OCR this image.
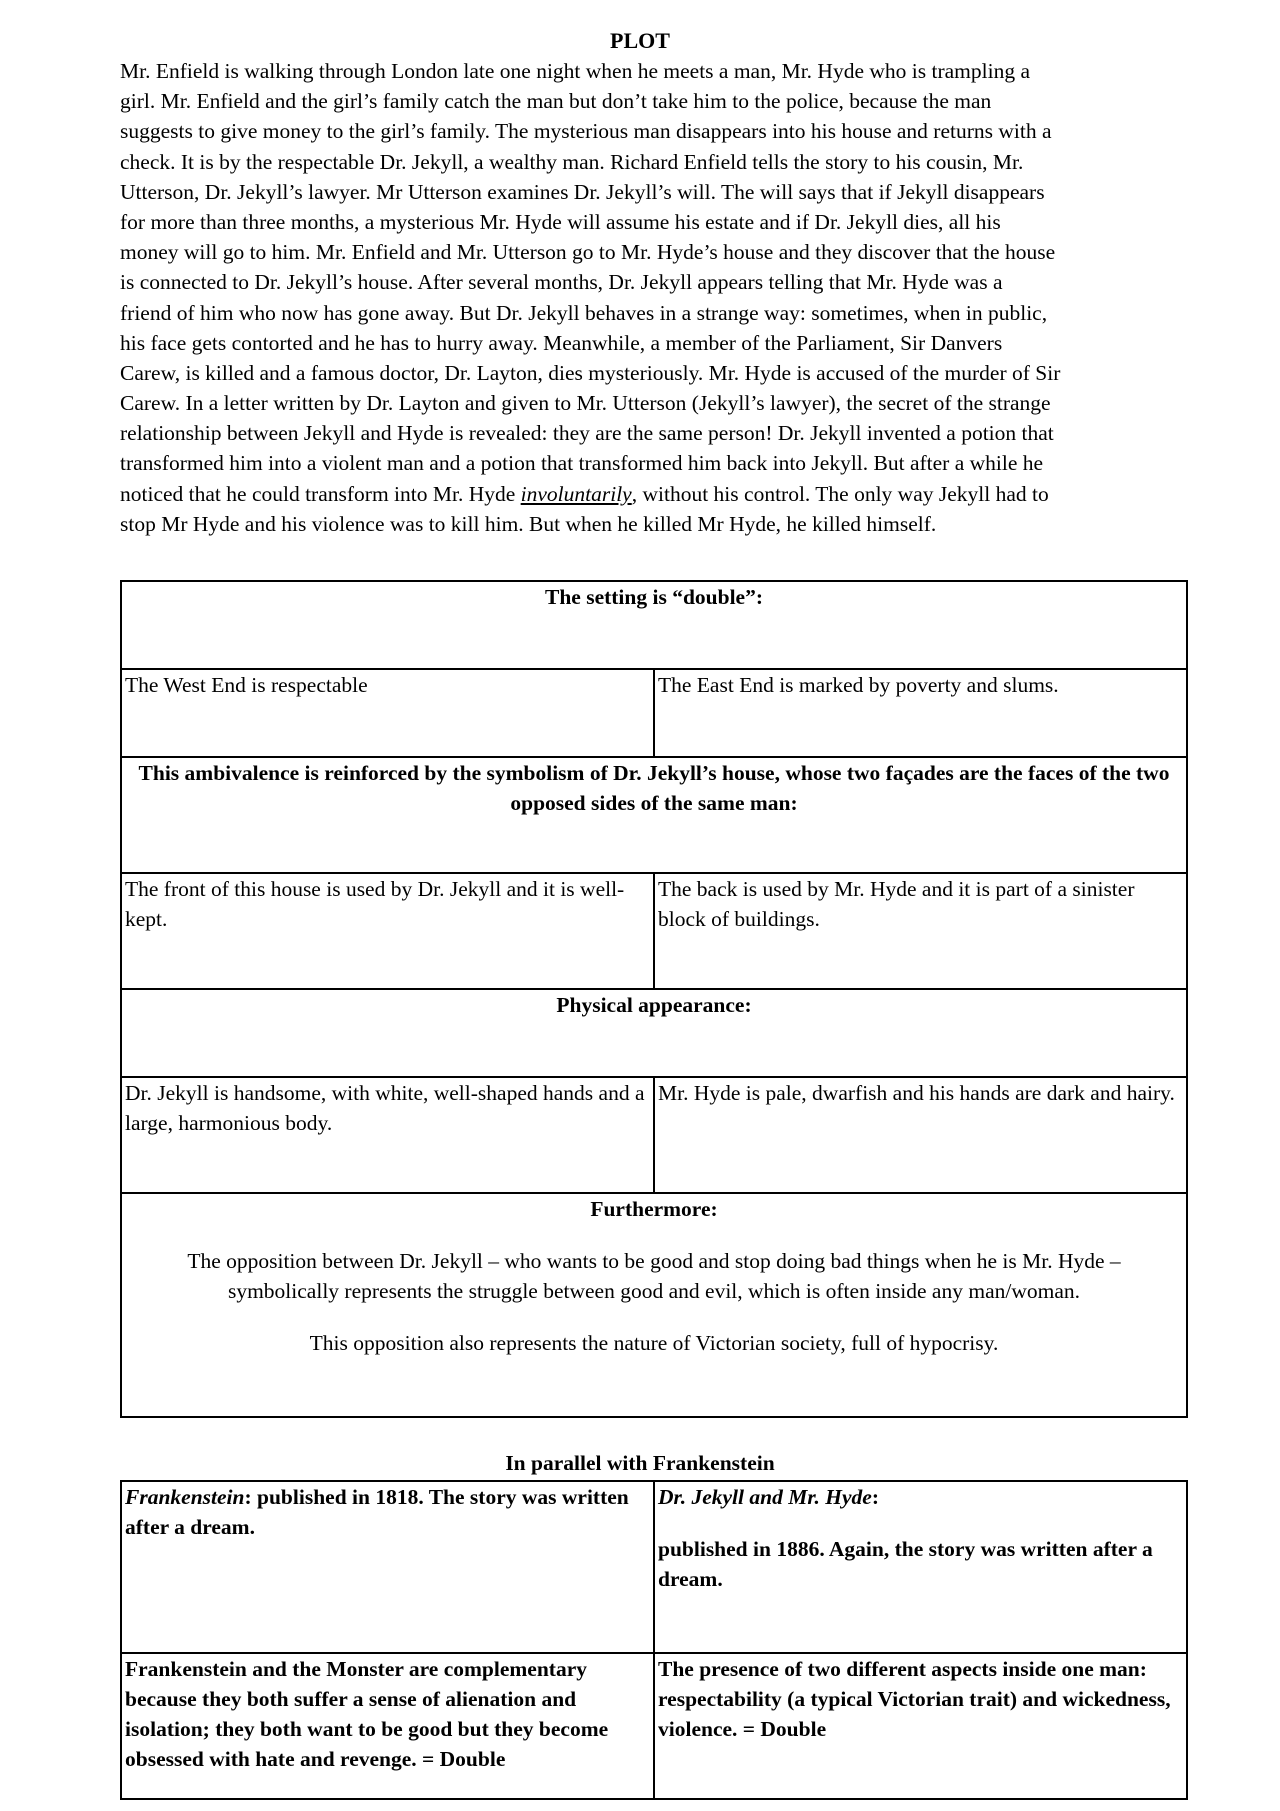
PLOT
Mr. Enfield is walking through London late one night when he meets a man, Mr. Hyde who is trampling a
girl. Mr. Enfield and the girl’s family catch the man but don’t take him to the police, because the man
suggests to give money to the girl’s family. The mysterious man disappears into his house and returns with a
check. It is by the respectable Dr. Jekyll, a wealthy man. Richard Enfield tells the story to his cousin, Mr.
Utterson, Dr. Jekyll’s lawyer. Mr Utterson examines Dr. Jekyll’s will. The will says that if Jekyll disappears
for more than three months, a mysterious Mr. Hyde will assume his estate and if Dr. Jekyll dies, all his
money will go to him. Mr. Enfield and Mr. Utterson go to Mr. Hyde’s house and they discover that the house
is connected to Dr. Jekyll’s house. After several months, Dr. Jekyll appears telling that Mr. Hyde was a
friend of him who now has gone away. But Dr. Jekyll behaves in a strange way: sometimes, when in public,
his face gets contorted and he has to hurry away. Meanwhile, a member of the Parliament, Sir Danvers
Carew, is killed and a famous doctor, Dr. Layton, dies mysteriously. Mr. Hyde is accused of the murder of Sir
Carew. In a letter written by Dr. Layton and given to Mr. Utterson (Jekyll’s lawyer), the secret of the strange
relationship between Jekyll and Hyde is revealed: they are the same person! Dr. Jekyll invented a potion that
transformed him into a violent man and a potion that transformed him back into Jekyll. But after a while he
noticed that he could transform into Mr. Hyde involuntarily, without his control. The only way Jekyll had to
stop Mr Hyde and his violence was to kill him. But when he killed Mr Hyde, he killed himself.
The setting is “double”:	
The West End is respectable	The East End is marked by poverty and slums.
This ambivalence is reinforced by the symbolism of Dr. Jekyll’s house, whose two façades are the faces of the two opposed sides of the same man:	
The front of this house is used by Dr. Jekyll and it is well-kept.	The back is used by Mr. Hyde and it is part of a sinister block of buildings.
Physical appearance:	
Dr. Jekyll is handsome, with white, well-shaped hands and a large, harmonious body.	Mr. Hyde is pale, dwarfish and his hands are dark and hairy.

Furthermore:
The opposition between Dr. Jekyll – who wants to be good and stop doing bad things when he is Mr. Hyde – symbolically represents the struggle between good and evil, which is often inside any man/woman.
This opposition also represents the nature of Victorian society, full of hypocrisy.	
In parallel with Frankenstein
Frankenstein: published in 1818. The story was written after a dream.	Dr. Jekyll and Mr. Hyde:
published in 1886. Again, the story was written after a dream.
Frankenstein and the Monster are complementary because they both suffer a sense of alienation and isolation; they both want to be good but they become obsessed with hate and revenge. = Double	The presence of two different aspects inside one man: respectability (a typical Victorian trait) and wickedness, violence. = Double
